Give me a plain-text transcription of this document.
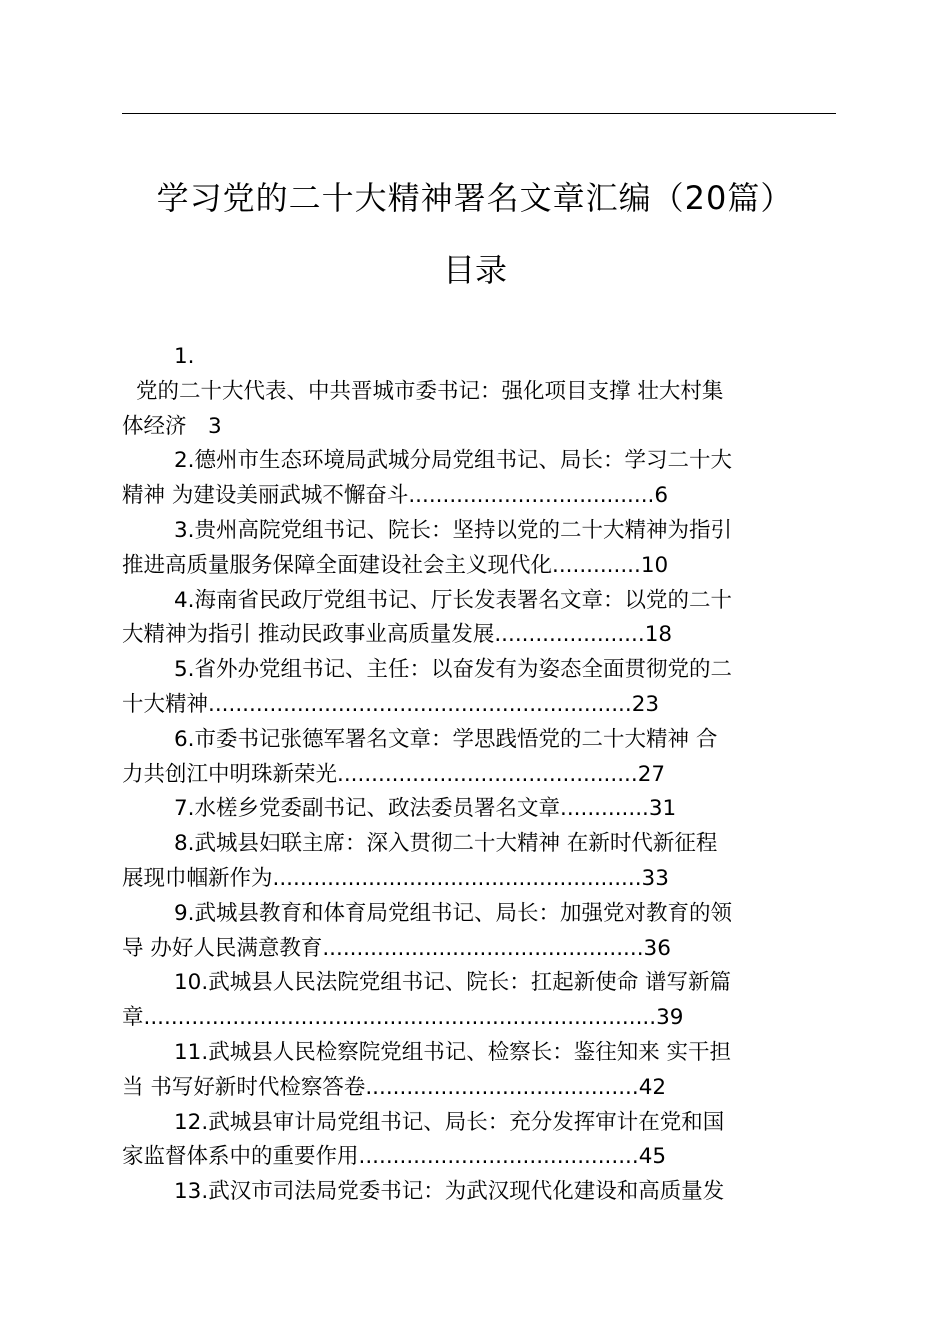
学习党的二十大精神署名文章汇编（20篇）
目录
1.
党的二十大代表、中共晋城市委书记：强化项目支撑 壮大村集
体经济　3
2.德州市生态环境局武城分局党组书记、局长：学习二十大
精神 为建设美丽武城不懈奋斗....................................6
3.贵州高院党组书记、院长：坚持以党的二十大精神为指引
推进高质量服务保障全面建设社会主义现代化.............10
4.海南省民政厅党组书记、厅长发表署名文章：以党的二十
大精神为指引 推动民政事业高质量发展......................18
5.省外办党组书记、主任：以奋发有为姿态全面贯彻党的二
十大精神..............................................................23
6.市委书记张德军署名文章：学思践悟党的二十大精神 合
力共创江中明珠新荣光............................................27
7.水槎乡党委副书记、政法委员署名文章.............31
8.武城县妇联主席：深入贯彻二十大精神 在新时代新征程
展现巾帼新作为......................................................33
9.武城县教育和体育局党组书记、局长：加强党对教育的领
导 办好人民满意教育...............................................36
10.武城县人民法院党组书记、院长：扛起新使命 谱写新篇
章...........................................................................39
11.武城县人民检察院党组书记、检察长：鉴往知来 实干担
当 书写好新时代检察答卷........................................42
12.武城县审计局党组书记、局长：充分发挥审计在党和国
家监督体系中的重要作用.........................................45
13.武汉市司法局党委书记：为武汉现代化建设和高质量发
